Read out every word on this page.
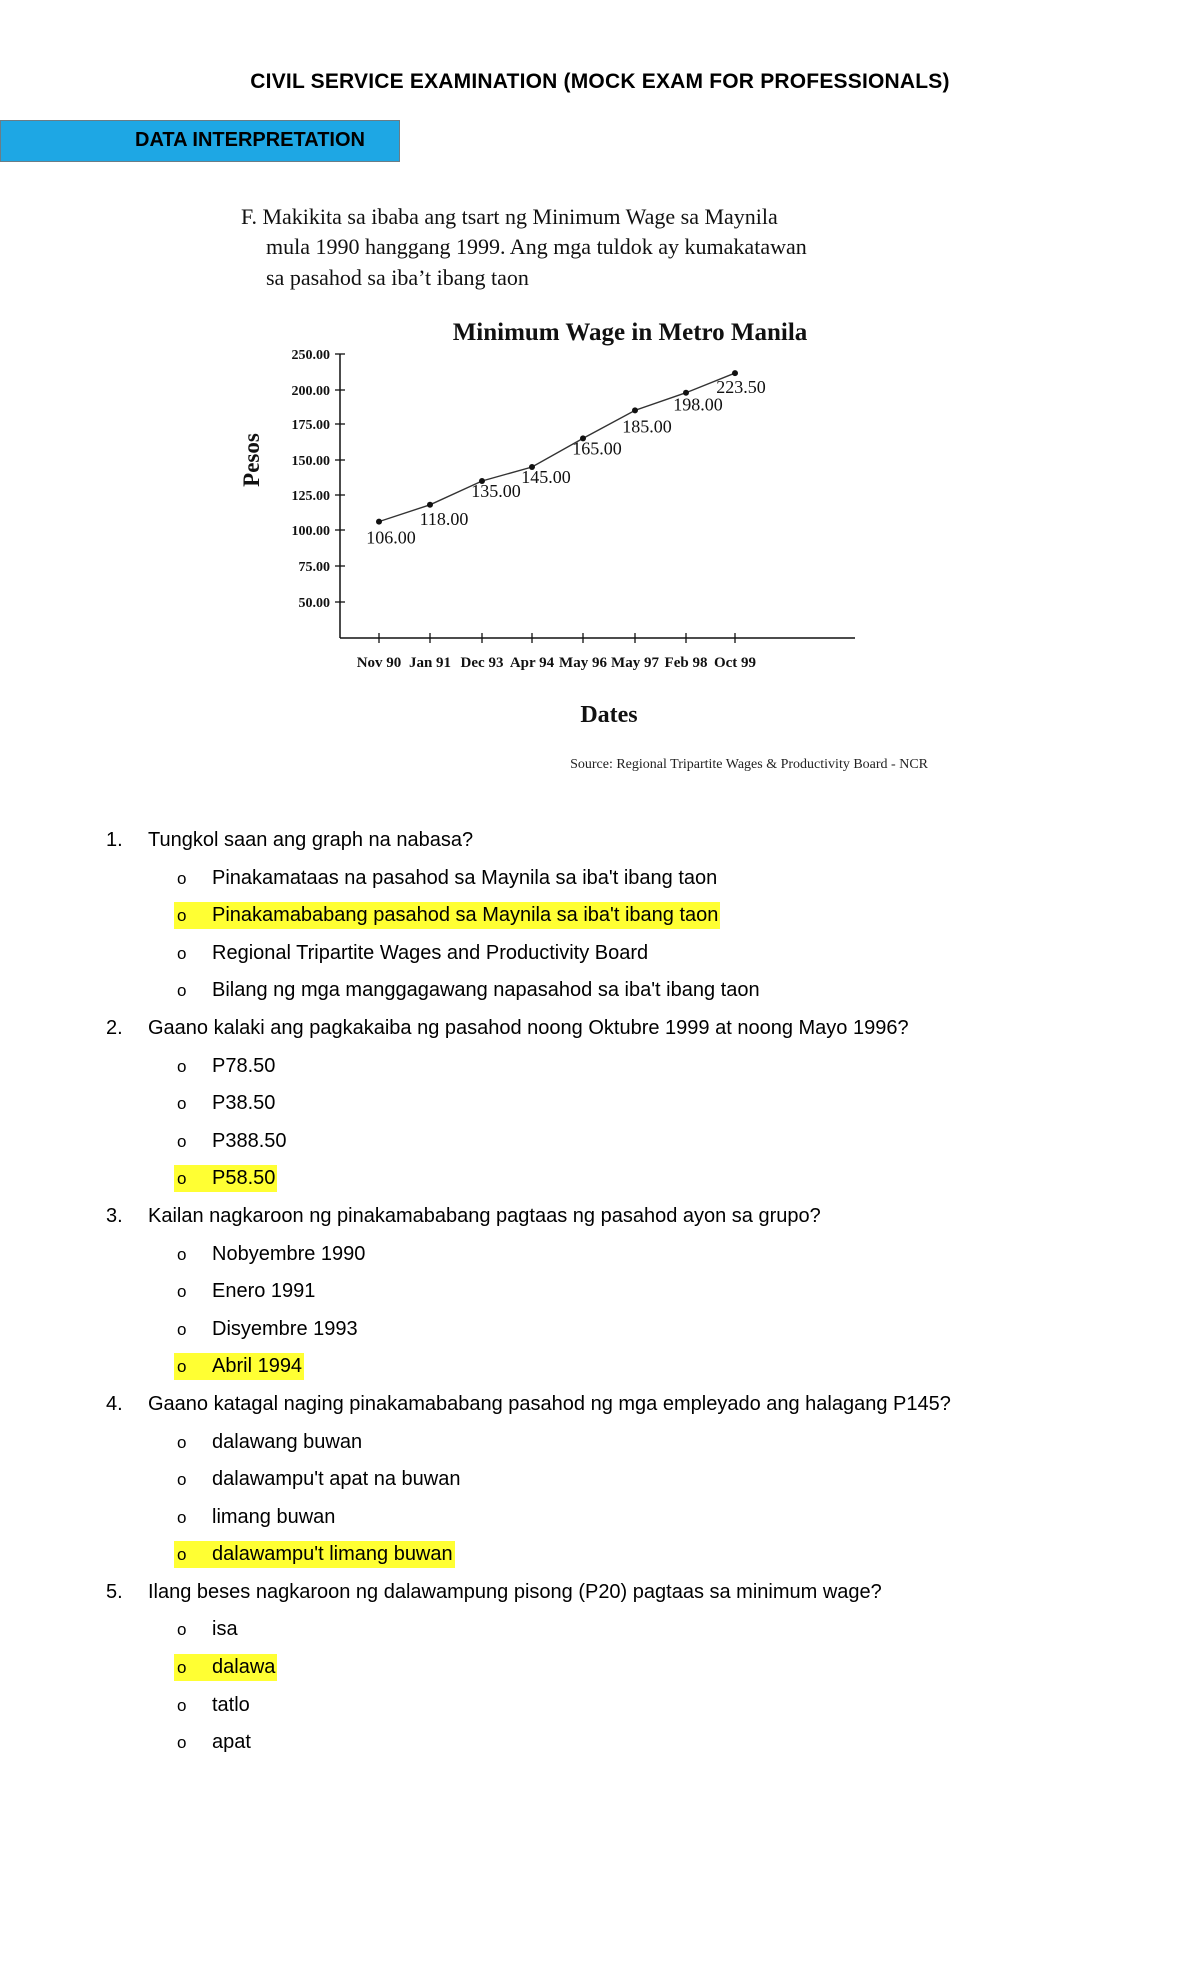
CIVIL SERVICE EXAMINATION (MOCK EXAM FOR PROFESSIONALS)
DATA INTERPRETATION
F. Makikita sa ibaba ang tsart ng Minimum Wage sa Maynila
mula 1990 hanggang 1999. Ang mga tuldok ay kumakatawan
sa pasahod sa iba’t ibang taon
Minimum Wage in Metro Manila
250.00
200.00
175.00
150.00
125.00
100.00
75.00
50.00
Nov 90 Jan 91 Dec 93 Apr 94 May 96 May 97 Feb 98 Oct 99
106.00
118.00
135.00
145.00
165.00
185.00
198.00
223.50
Pesos
Dates
Source: Regional Tripartite Wages & Productivity Board - NCR
1. Tungkol saan ang graph na nabasa?
o Pinakamataas na pasahod sa Maynila sa iba't ibang taon
o Pinakamababang pasahod sa Maynila sa iba't ibang taon
o Regional Tripartite Wages and Productivity Board
o Bilang ng mga manggagawang napasahod sa iba't ibang taon
2. Gaano kalaki ang pagkakaiba ng pasahod noong Oktubre 1999 at noong Mayo 1996?
o P78.50
o P38.50
o P388.50
o P58.50
3. Kailan nagkaroon ng pinakamababang pagtaas ng pasahod ayon sa grupo?
o Nobyembre 1990
o Enero 1991
o Disyembre 1993
o Abril 1994
4. Gaano katagal naging pinakamababang pasahod ng mga empleyado ang halagang P145?
o dalawang buwan
o dalawampu't apat na buwan
o limang buwan
o dalawampu't limang buwan
5. Ilang beses nagkaroon ng dalawampung pisong (P20) pagtaas sa minimum wage?
o isa
o dalawa
o tatlo
o apat
